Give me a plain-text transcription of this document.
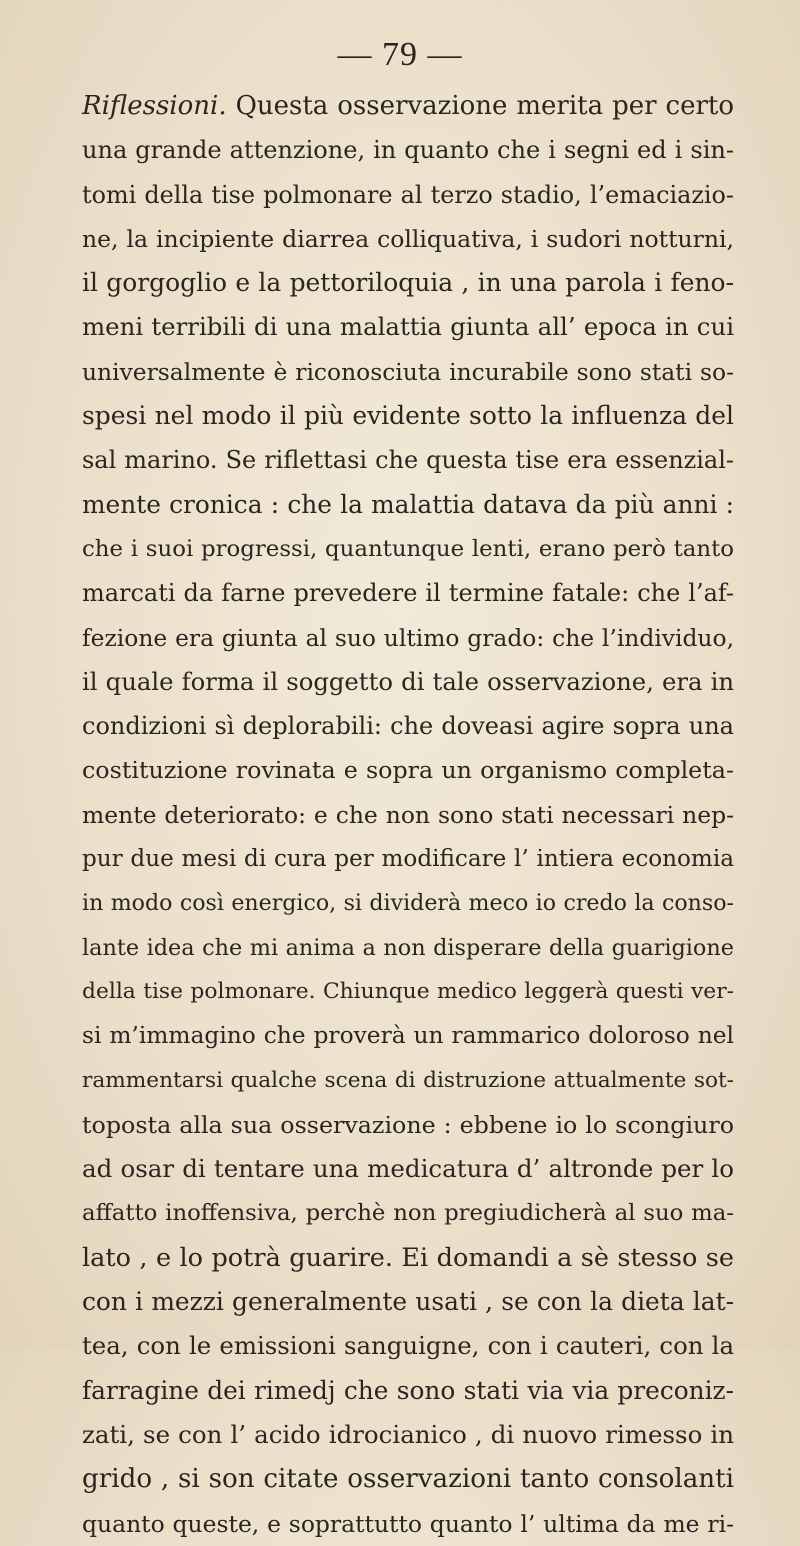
— 79 —
Riflessioni. Questa osservazione merita per certo
una grande attenzione, in quanto che i segni ed i sin-
tomi della tise polmonare al terzo stadio, l’emaciazio-
ne, la incipiente diarrea colliquativa, i sudori notturni,
il gorgoglio e la pettoriloquia , in una parola i feno-
meni terribili di una malattia giunta all’ epoca in cui
universalmente è riconosciuta incurabile sono stati so-
spesi nel modo il più evidente sotto la influenza del
sal marino. Se riflettasi che questa tise era essenzial-
mente cronica : che la malattia datava da più anni :
che i suoi progressi, quantunque lenti, erano però tanto
marcati da farne prevedere il termine fatale: che l’af-
fezione era giunta al suo ultimo grado: che l’individuo,
il quale forma il soggetto di tale osservazione, era in
condizioni sì deplorabili: che doveasi agire sopra una
costituzione rovinata e sopra un organismo completa-
mente deteriorato: e che non sono stati necessari nep-
pur due mesi di cura per modificare l’ intiera economia
in modo così energico, si dividerà meco io credo la conso-
lante idea che mi anima a non disperare della guarigione
della tise polmonare. Chiunque medico leggerà questi ver-
si m’immagino che proverà un rammarico doloroso nel
rammentarsi qualche scena di distruzione attualmente sot-
toposta alla sua osservazione : ebbene io lo scongiuro
ad osar di tentare una medicatura d’ altronde per lo
affatto inoffensiva, perchè non pregiudicherà al suo ma-
lato , e lo potrà guarire. Ei domandi a sè stesso se
con i mezzi generalmente usati , se con la dieta lat-
tea, con le emissioni sanguigne, con i cauteri, con la
farragine dei rimedj che sono stati via via preconiz-
zati, se con l’ acido idrocianico , di nuovo rimesso in
grido , si son citate osservazioni tanto consolanti
quanto queste, e soprattutto quanto l’ ultima da me ri-
